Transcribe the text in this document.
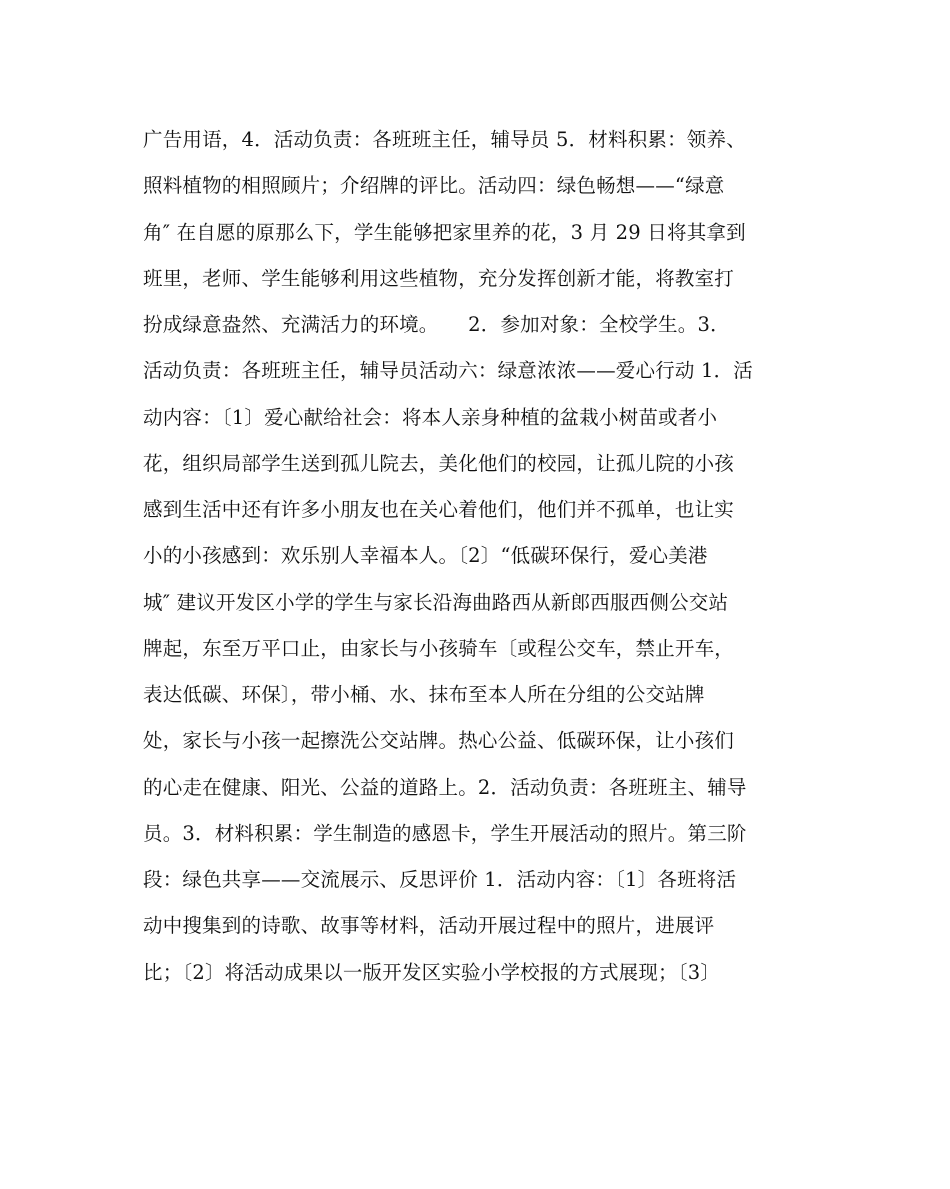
广告用语，4．活动负责：各班班主任，辅导员 5．材料积累：领养、
照料植物的相照顾片；介绍牌的评比。活动四：绿色畅想——“绿意
角″ 在自愿的原那么下，学生能够把家里养的花，3 月 29 日将其拿到
班里，老师、学生能够利用这些植物，充分发挥创新才能，将教室打
扮成绿意盎然、充满活力的环境。　　2．参加对象：全校学生。3．
活动负责：各班班主任，辅导员活动六：绿意浓浓——爱心行动 1．活
动内容：〔1〕爱心献给社会：将本人亲身种植的盆栽小树苗或者小
花，组织局部学生送到孤儿院去，美化他们的校园，让孤儿院的小孩
感到生活中还有许多小朋友也在关心着他们，他们并不孤单，也让实
小的小孩感到：欢乐别人幸福本人。〔2〕“低碳环保行，爱心美港
城″ 建议开发区小学的学生与家长沿海曲路西从新郎西服西侧公交站
牌起，东至万平口止，由家长与小孩骑车〔或程公交车，禁止开车，
表达低碳、环保〕，带小桶、水、抹布至本人所在分组的公交站牌
处，家长与小孩一起擦洗公交站牌。热心公益、低碳环保，让小孩们
的心走在健康、阳光、公益的道路上。2．活动负责：各班班主、辅导
员。3．材料积累：学生制造的感恩卡，学生开展活动的照片。第三阶
段：绿色共享——交流展示、反思评价 1．活动内容：〔1〕各班将活
动中搜集到的诗歌、故事等材料，活动开展过程中的照片，进展评
比；〔2〕将活动成果以一版开发区实验小学校报的方式展现；〔3〕
